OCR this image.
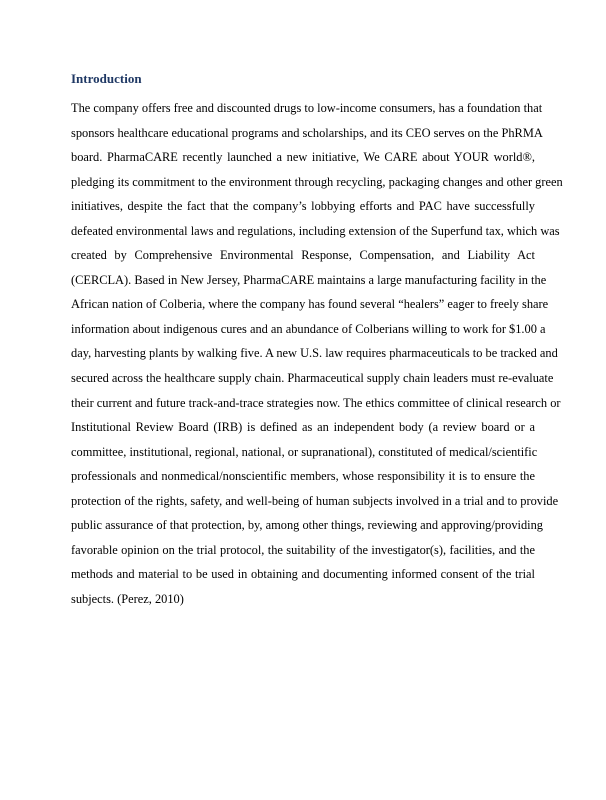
Introduction
The company offers free and discounted drugs to low-income consumers, has a foundation that
sponsors healthcare educational programs and scholarships, and its CEO serves on the PhRMA
board. PharmaCARE recently launched a new initiative, We CARE about YOUR world®,
pledging its commitment to the environment through recycling, packaging changes and other green
initiatives, despite the fact that the company’s lobbying efforts and PAC have successfully
defeated environmental laws and regulations, including extension of the Superfund tax, which was
created by Comprehensive Environmental Response, Compensation, and Liability Act
(CERCLA). Based in New Jersey, PharmaCARE maintains a large manufacturing facility in the
African nation of Colberia, where the company has found several “healers” eager to freely share
information about indigenous cures and an abundance of Colberians willing to work for $1.00 a
day, harvesting plants by walking five. A new U.S. law requires pharmaceuticals to be tracked and
secured across the healthcare supply chain. Pharmaceutical supply chain leaders must re-evaluate
their current and future track-and-trace strategies now. The ethics committee of clinical research or
Institutional Review Board (IRB) is defined as an independent body (a review board or a
committee, institutional, regional, national, or supranational), constituted of medical/scientific
professionals and nonmedical/nonscientific members, whose responsibility it is to ensure the
protection of the rights, safety, and well-being of human subjects involved in a trial and to provide
public assurance of that protection, by, among other things, reviewing and approving/providing
favorable opinion on the trial protocol, the suitability of the investigator(s), facilities, and the
methods and material to be used in obtaining and documenting informed consent of the trial
subjects. (Perez, 2010)
